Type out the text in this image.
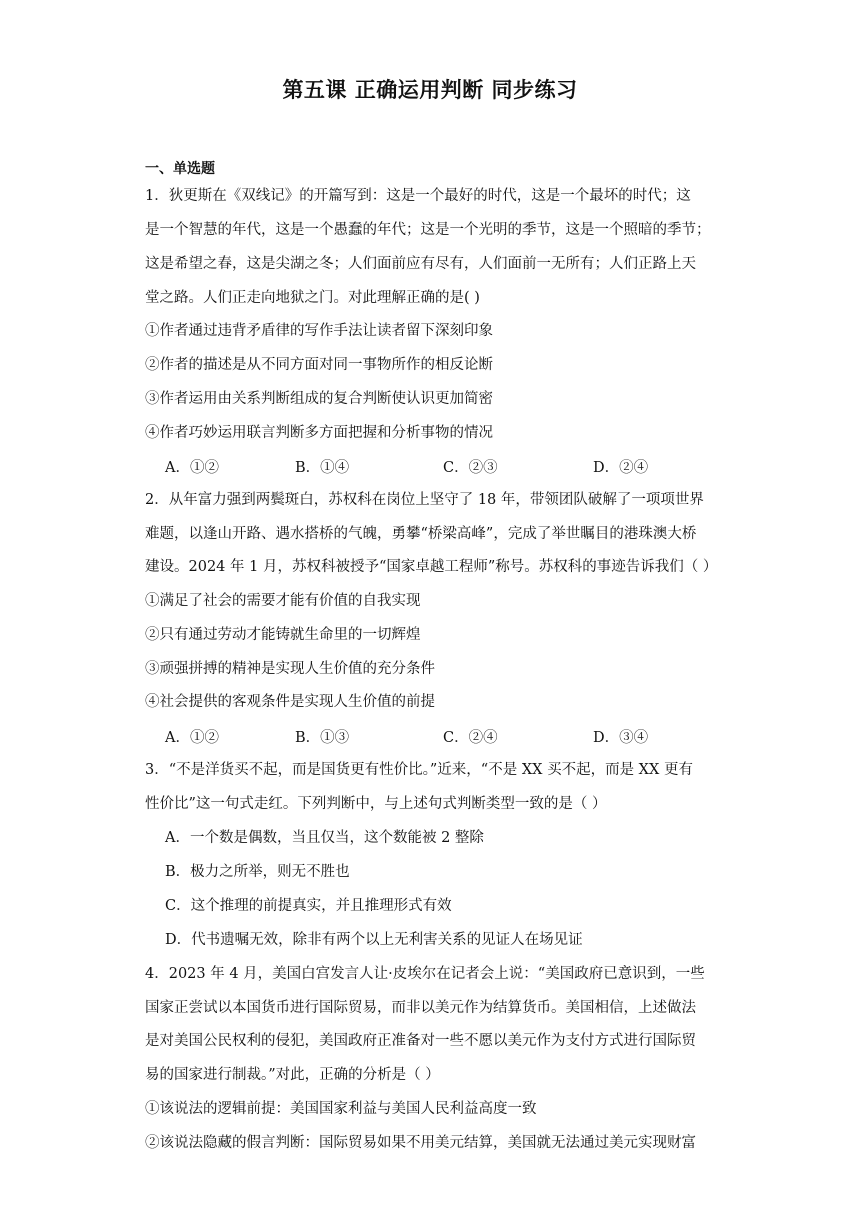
第五课 正确运用判断 同步练习
一、单选题
1．狄更斯在《双线记》的开篇写到：这是一个最好的时代，这是一个最坏的时代；这
是一个智慧的年代，这是一个愚蠢的年代；这是一个光明的季节，这是一个照暗的季节；
这是希望之春，这是尖湖之冬；人们面前应有尽有，人们面前一无所有；人们正路上天
堂之路。人们正走向地狱之门。对此理解正确的是( )
①作者通过违背矛盾律的写作手法让读者留下深刻印象
②作者的描述是从不同方面对同一事物所作的相反论断
③作者运用由关系判断组成的复合判断使认识更加简密
④作者巧妙运用联言判断多方面把握和分析事物的情况
A．①②	B．①④	C．②③	D．②④
2．从年富力强到两鬓斑白，苏权科在岗位上坚守了 18 年，带领团队破解了一项项世界
难题，以逢山开路、遇水搭桥的气魄，勇攀“桥梁高峰”，完成了举世瞩目的港珠澳大桥
建设。2024 年 1 月，苏权科被授予“国家卓越工程师”称号。苏权科的事迹告诉我们（ ）
①满足了社会的需要才能有价值的自我实现
②只有通过劳动才能铸就生命里的一切辉煌
③顽强拼搏的精神是实现人生价值的充分条件
④社会提供的客观条件是实现人生价值的前提
A．①②	B．①③	C．②④	D．③④
3．“不是洋货买不起，而是国货更有性价比。”近来，“不是 XX 买不起，而是 XX 更有
性价比”这一句式走红。下列判断中，与上述句式判断类型一致的是（ ）
A．一个数是偶数，当且仅当，这个数能被 2 整除
B．极力之所举，则无不胜也
C．这个推理的前提真实，并且推理形式有效
D．代书遗嘱无效，除非有两个以上无利害关系的见证人在场见证
4．2023 年 4 月，美国白宫发言人让·皮埃尔在记者会上说：“美国政府已意识到，一些
国家正尝试以本国货币进行国际贸易，而非以美元作为结算货币。美国相信，上述做法
是对美国公民权利的侵犯，美国政府正准备对一些不愿以美元作为支付方式进行国际贸
易的国家进行制裁。”对此，正确的分析是（ ）
①该说法的逻辑前提：美国国家利益与美国人民利益高度一致
②该说法隐藏的假言判断：国际贸易如果不用美元结算，美国就无法通过美元实现财富
